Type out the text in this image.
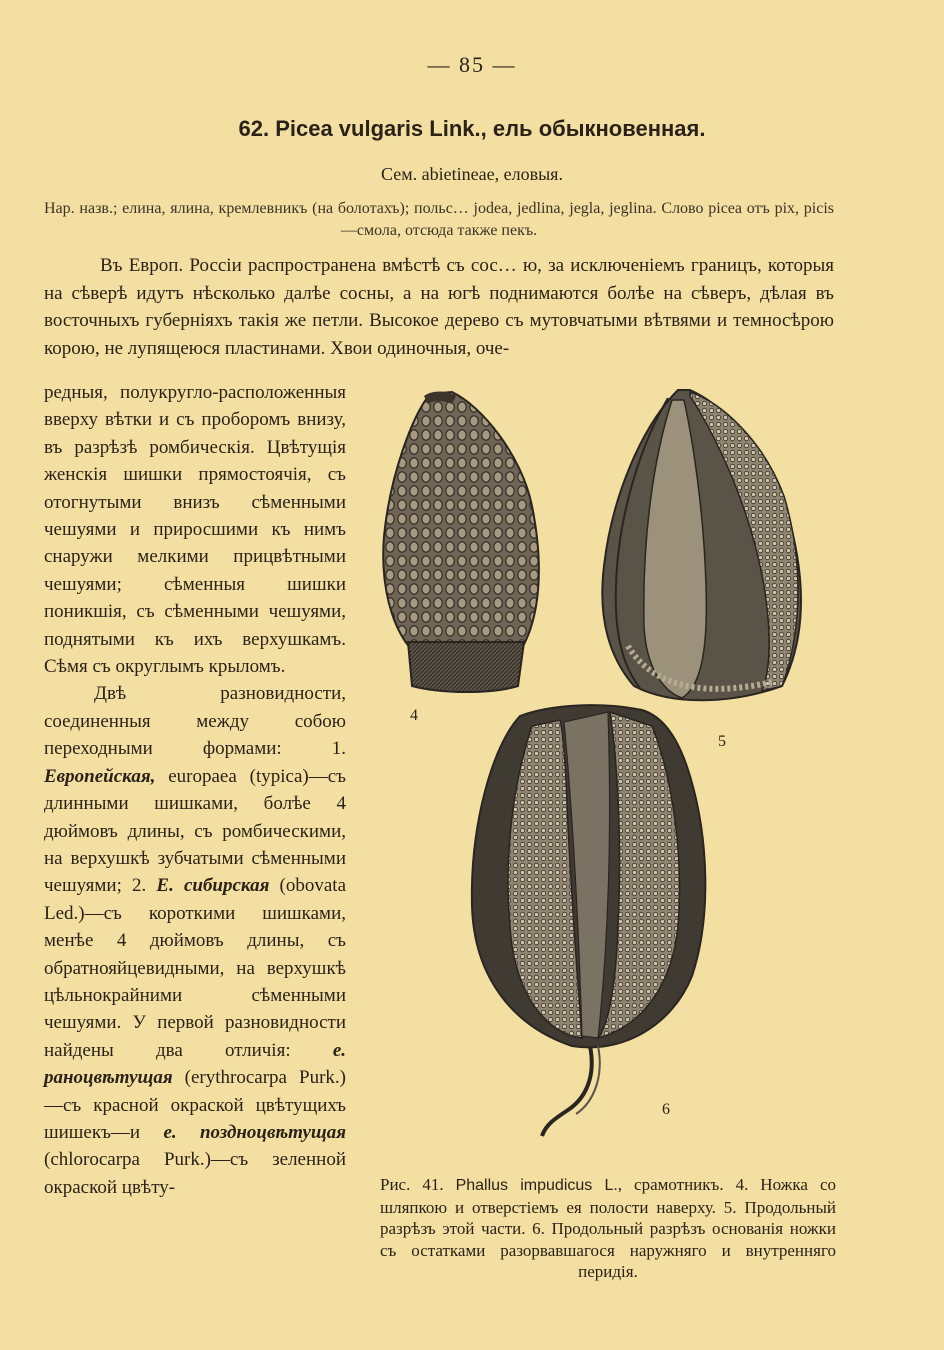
— 85 —
62. Picea vulgaris Link., ель обыкновенная.
Сем. abietineae, еловыя.
Нар. назв.; елина, ялина, кремлевникъ (на болотахъ); польс… jodea, jedlina, jegla, jeglina. Слово picea отъ pix, picis—смола, отсюда также пекъ.
Въ Европ. Россіи распространена вмѣстѣ съ сос… ю, за исключеніемъ границъ, которыя на сѣверѣ идутъ нѣсколько далѣе сосны, а на югѣ поднимаются болѣе на сѣверъ, дѣлая въ восточныхъ губерніяхъ такія же петли. Высокое дерево съ мутовчатыми вѣтвями и темносѣрою корою, не лупящеюся пластинами. Хвои одиночныя, оче-

редныя, полукругло-расположенныя вверху вѣтки и съ проборомъ внизу, въ разрѣзѣ ромбическія. Цвѣтущія женскія шишки прямостоячія, съ отогнутыми внизъ сѣменными чешуями и приросшими къ нимъ снаружи мелкими прицвѣтными чешуями; сѣменныя шишки поникшія, съ сѣменными чешуями, поднятыми къ ихъ верхушкамъ. Сѣмя съ округлымъ крыломъ.

Двѣ разновидности, соединенныя между собою переходными формами: 1. Европейская, europaea (typica)—съ длинными шишками, болѣе 4 дюймовъ длины, съ ромбическими, на верхушкѣ зубчатыми сѣменными чешуями; 2. Е. сибирская (obovata Led.)—съ короткими шишками, менѣе 4 дюймовъ длины, съ обратнояйцевидными, на верхушкѣ цѣльнокрайними сѣменными чешуями. У первой разновидности найдены два отличія: е. раноцвѣтущая (erythrocarpa Purk.)—съ красной окраской цвѣтущихъ шишекъ—и е. поздноцвѣтущая (chlorocarpa Purk.)—съ зеленной окраской цвѣту-

4
5
6
Рис. 41. Phallus impudicus L., срамотникъ. 4. Ножка со шляпкою и отверстіемъ ея полости наверху. 5. Продольный разрѣзъ этой части. 6. Продольный разрѣзъ основанія ножки съ остатками разорвавшагося наружняго и внутренняго перидія.
